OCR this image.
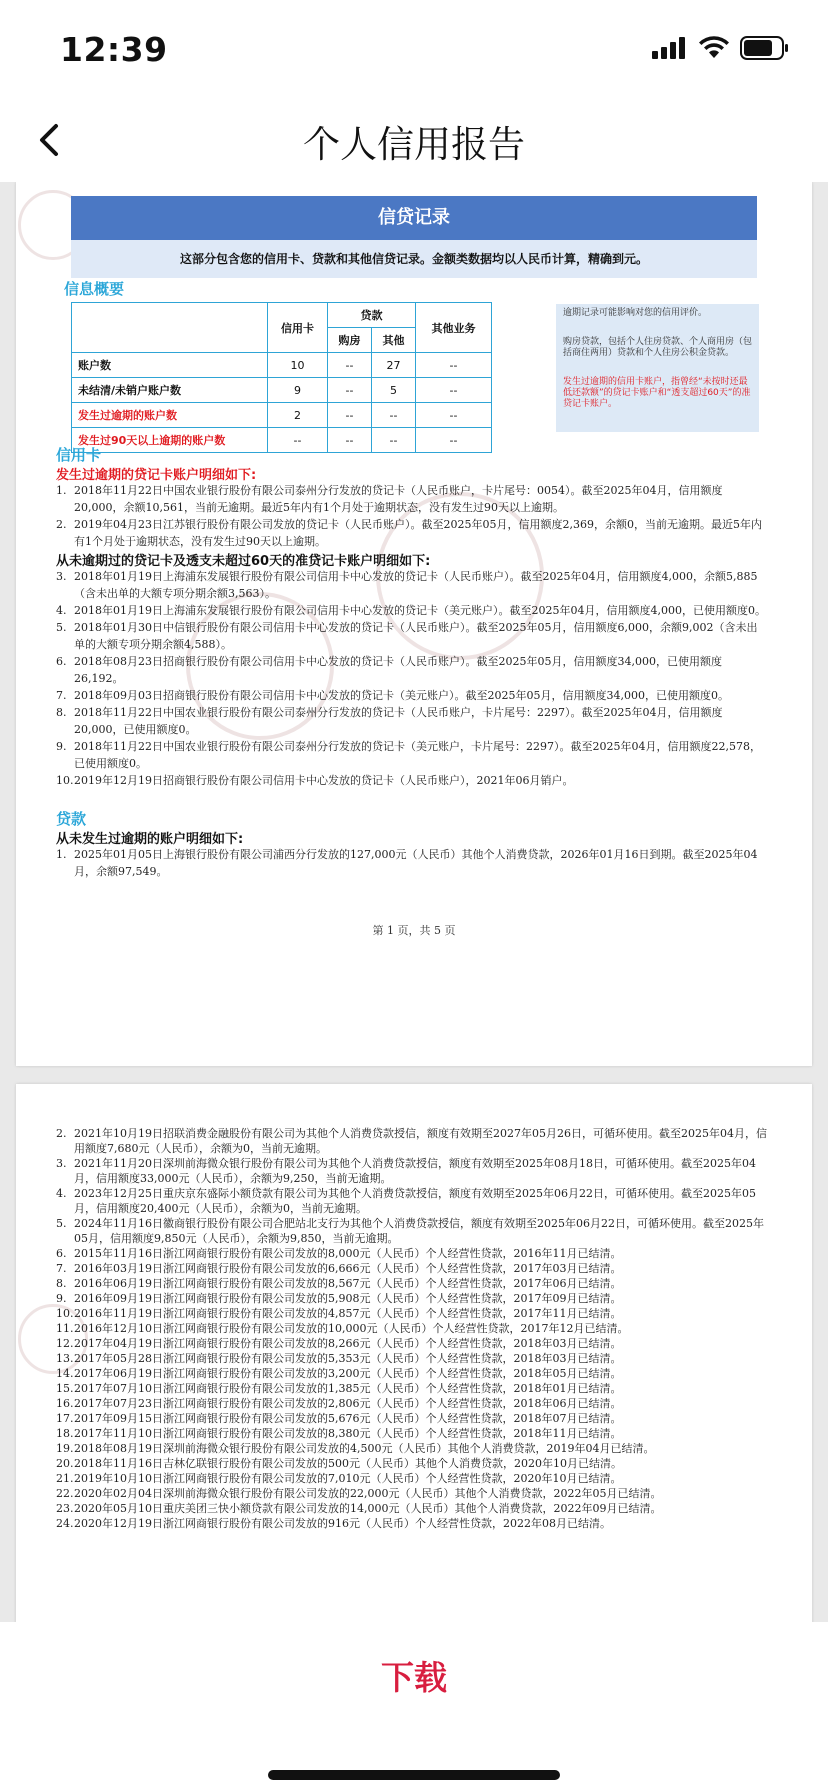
12:39
个人信用报告
信贷记录
这部分包含您的信用卡、贷款和其他信贷记录。金额类数据均以人民币计算，精确到元。
信息概要
	信用卡	贷款		其他业务
		购房	其他	
账户数	10	--	27	--
未结清/未销户账户数	9	--	5	--
发生过逾期的账户数	2	--	--	--
发生过90天以上逾期的账户数	--	--	--	--

逾期记录可能影响对您的信用评价。

购房贷款，包括个人住房贷款、个人商用房（包括商住两用）贷款和个人住房公积金贷款。

发生过逾期的信用卡账户，指曾经“未按时还最低还款额”的贷记卡账户和“透支超过60天”的准贷记卡账户。

信用卡
发生过逾期的贷记卡账户明细如下:
1. 2018年11月22日中国农业银行股份有限公司泰州分行发放的贷记卡（人民币账户，卡片尾号：0054）。截至2025年04月，信用额度20,000，余额10,561，当前无逾期。最近5年内有1个月处于逾期状态，没有发生过90天以上逾期。
2. 2019年04月23日江苏银行股份有限公司发放的贷记卡（人民币账户）。截至2025年05月，信用额度2,369，余额0，当前无逾期。最近5年内有1个月处于逾期状态，没有发生过90天以上逾期。
从未逾期过的贷记卡及透支未超过60天的准贷记卡账户明细如下:
3. 2018年01月19日上海浦东发展银行股份有限公司信用卡中心发放的贷记卡（人民币账户）。截至2025年04月，信用额度4,000，余额5,885（含未出单的大额专项分期余额3,563）。
4. 2018年01月19日上海浦东发展银行股份有限公司信用卡中心发放的贷记卡（美元账户）。截至2025年04月，信用额度4,000，已使用额度0。
5. 2018年01月30日中信银行股份有限公司信用卡中心发放的贷记卡（人民币账户）。截至2025年05月，信用额度6,000，余额9,002（含未出单的大额专项分期余额4,588）。
6. 2018年08月23日招商银行股份有限公司信用卡中心发放的贷记卡（人民币账户）。截至2025年05月，信用额度34,000，已使用额度26,192。
7. 2018年09月03日招商银行股份有限公司信用卡中心发放的贷记卡（美元账户）。截至2025年05月，信用额度34,000，已使用额度0。
8. 2018年11月22日中国农业银行股份有限公司泰州分行发放的贷记卡（人民币账户，卡片尾号：2297）。截至2025年04月，信用额度20,000，已使用额度0。
9. 2018年11月22日中国农业银行股份有限公司泰州分行发放的贷记卡（美元账户，卡片尾号：2297）。截至2025年04月，信用额度22,578，已使用额度0。
10. 2019年12月19日招商银行股份有限公司信用卡中心发放的贷记卡（人民币账户），2021年06月销户。
贷款
从未发生过逾期的账户明细如下:
1. 2025年01月05日上海银行股份有限公司浦西分行发放的127,000元（人民币）其他个人消费贷款，2026年01月16日到期。截至2025年04月，余额97,549。
第 1 页，共 5 页
2. 2021年10月19日招联消费金融股份有限公司为其他个人消费贷款授信，额度有效期至2027年05月26日，可循环使用。截至2025年04月，信用额度7,680元（人民币），余额为0，当前无逾期。
3. 2021年11月20日深圳前海微众银行股份有限公司为其他个人消费贷款授信，额度有效期至2025年08月18日，可循环使用。截至2025年04月，信用额度33,000元（人民币），余额为9,250，当前无逾期。
4. 2023年12月25日重庆京东盛际小额贷款有限公司为其他个人消费贷款授信，额度有效期至2025年06月22日，可循环使用。截至2025年05月，信用额度20,400元（人民币），余额为0，当前无逾期。
5. 2024年11月16日徽商银行股份有限公司合肥站北支行为其他个人消费贷款授信，额度有效期至2025年06月22日，可循环使用。截至2025年05月，信用额度9,850元（人民币），余额为9,850，当前无逾期。
6. 2015年11月16日浙江网商银行股份有限公司发放的8,000元（人民币）个人经营性贷款，2016年11月已结清。
7. 2016年03月19日浙江网商银行股份有限公司发放的6,666元（人民币）个人经营性贷款，2017年03月已结清。
8. 2016年06月19日浙江网商银行股份有限公司发放的8,567元（人民币）个人经营性贷款，2017年06月已结清。
9. 2016年09月19日浙江网商银行股份有限公司发放的5,908元（人民币）个人经营性贷款，2017年09月已结清。
10. 2016年11月19日浙江网商银行股份有限公司发放的4,857元（人民币）个人经营性贷款，2017年11月已结清。
11. 2016年12月10日浙江网商银行股份有限公司发放的10,000元（人民币）个人经营性贷款，2017年12月已结清。
12. 2017年04月19日浙江网商银行股份有限公司发放的8,266元（人民币）个人经营性贷款，2018年03月已结清。
13. 2017年05月28日浙江网商银行股份有限公司发放的5,353元（人民币）个人经营性贷款，2018年03月已结清。
14. 2017年06月19日浙江网商银行股份有限公司发放的3,200元（人民币）个人经营性贷款，2018年05月已结清。
15. 2017年07月10日浙江网商银行股份有限公司发放的1,385元（人民币）个人经营性贷款，2018年01月已结清。
16. 2017年07月23日浙江网商银行股份有限公司发放的2,806元（人民币）个人经营性贷款，2018年06月已结清。
17. 2017年09月15日浙江网商银行股份有限公司发放的5,676元（人民币）个人经营性贷款，2018年07月已结清。
18. 2017年11月10日浙江网商银行股份有限公司发放的8,380元（人民币）个人经营性贷款，2018年11月已结清。
19. 2018年08月19日深圳前海微众银行股份有限公司发放的4,500元（人民币）其他个人消费贷款，2019年04月已结清。
20. 2018年11月16日吉林亿联银行股份有限公司发放的500元（人民币）其他个人消费贷款，2020年10月已结清。
21. 2019年10月10日浙江网商银行股份有限公司发放的7,010元（人民币）个人经营性贷款，2020年10月已结清。
22. 2020年02月04日深圳前海微众银行股份有限公司发放的22,000元（人民币）其他个人消费贷款，2022年05月已结清。
23. 2020年05月10日重庆美团三快小额贷款有限公司发放的14,000元（人民币）其他个人消费贷款，2022年09月已结清。
24. 2020年12月19日浙江网商银行股份有限公司发放的916元（人民币）个人经营性贷款，2022年08月已结清。
下载
